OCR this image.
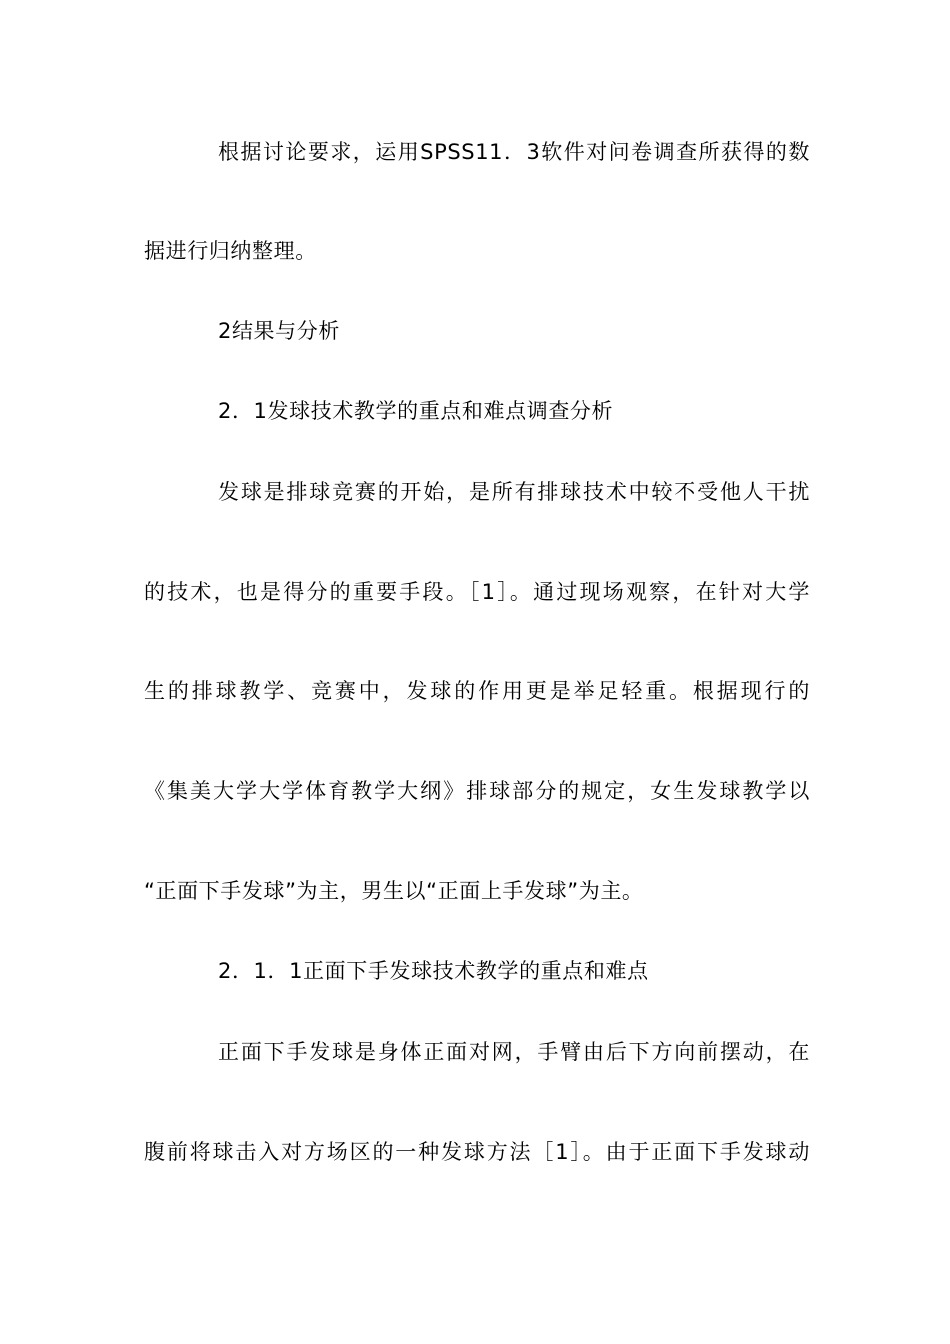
根据讨论要求，运用SPSS11．3软件对问卷调查所获得的数
据进行归纳整理。
2结果与分析
2．1发球技术教学的重点和难点调查分析
发球是排球竞赛的开始，是所有排球技术中较不受他人干扰
的技术，也是得分的重要手段。［1］。通过现场观察，在针对大学
生的排球教学、竞赛中，发球的作用更是举足轻重。根据现行的
《集美大学大学体育教学大纲》排球部分的规定，女生发球教学以
“正面下手发球”为主，男生以“正面上手发球”为主。
2．1．1正面下手发球技术教学的重点和难点
正面下手发球是身体正面对网，手臂由后下方向前摆动，在
腹前将球击入对方场区的一种发球方法［1］。由于正面下手发球动
